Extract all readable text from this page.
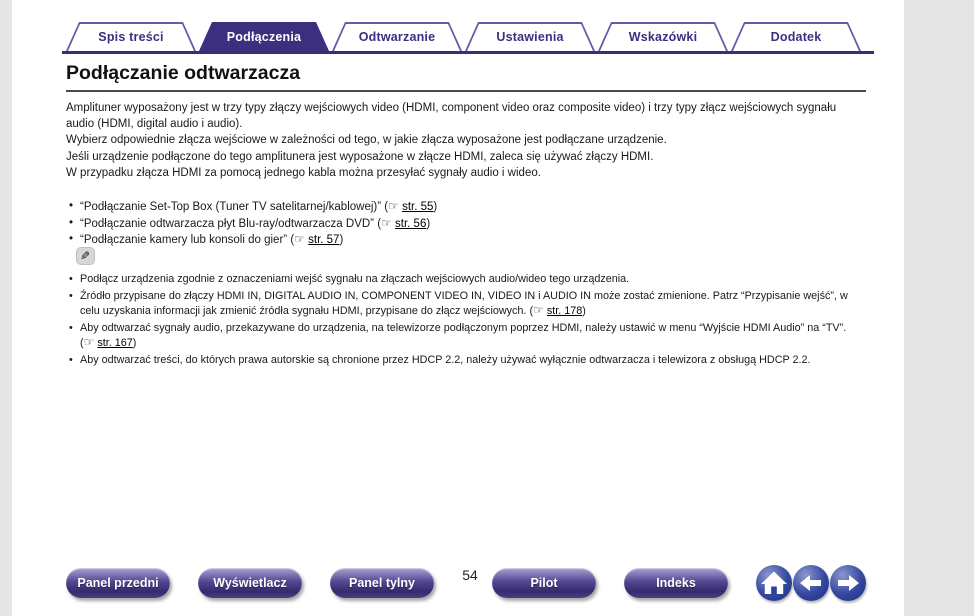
Spis treści	Podłączenia	Odtwarzanie	Ustawienia	Wskazówki	Dodatek
Podłączanie odtwarzacza

Amplituner wyposażony jest w trzy typy złączy wejściowych video (HDMI, component video oraz composite video) i trzy typy złącz wejściowych sygnału audio (HDMI, digital audio i audio).

Wybierz odpowiednie złącza wejściowe w zależności od tego, w jakie złącza wyposażone jest podłączane urządzenie.

Jeśli urządzenie podłączone do tego amplitunera jest wyposażone w złącze HDMI, zaleca się używać złączy HDMI.

W przypadku złącza HDMI za pomocą jednego kabla można przesyłać sygnały audio i wideo.

• “Podłączanie Set-Top Box (Tuner TV satelitarnej/kablowej)” (☞ str. 55)
• “Podłączanie odtwarzacza płyt Blu-ray/odtwarzacza DVD” (☞ str. 56)
• “Podłączanie kamery lub konsoli do gier” (☞ str. 57)
✎
• Podłącz urządzenia zgodnie z oznaczeniami wejść sygnału na złączach wejściowych audio/wideo tego urządzenia.
• Źródło przypisane do złączy HDMI IN, DIGITAL AUDIO IN, COMPONENT VIDEO IN, VIDEO IN i AUDIO IN może zostać zmienione. Patrz “Przypisanie wejść”, w celu uzyskania informacji jak zmienić źródła sygnału HDMI, przypisane do złącz wejściowych. (☞ str. 178)
• Aby odtwarzać sygnały audio, przekazywane do urządzenia, na telewizorze podłączonym poprzez HDMI, należy ustawić w menu “Wyjście HDMI Audio” na “TV”.
(☞ str. 167)
• Aby odtwarzać treści, do których prawa autorskie są chronione przez HDCP 2.2, należy używać wyłącznie odtwarzacza i telewizora z obsługą HDCP 2.2.
Panel przedni	Wyświetlacz	Panel tylny	54	Pilot	Indeks
